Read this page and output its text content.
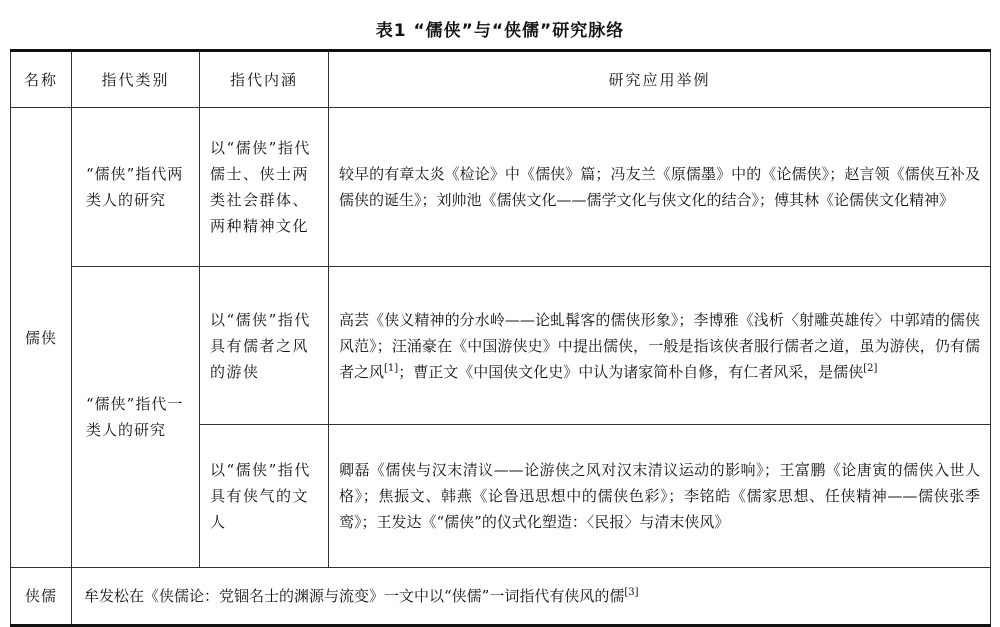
表1 “儒侠”与“侠儒”研究脉络
名称	指代类别	指代内涵	研究应用举例
儒侠	“儒侠”指代两类人的研究	以“儒侠”指代儒士、侠士两类社会群体、两种精神文化	较早的有章太炎《检论》中《儒侠》篇；冯友兰《原儒墨》中的《论儒侠》；赵言领《儒侠互补及儒侠的诞生》；刘帅池《儒侠文化——儒学文化与侠文化的结合》；傅其林《论儒侠文化精神》
	“儒侠”指代一类人的研究	以“儒侠”指代具有儒者之风的游侠	高芸《侠义精神的分水岭——论虬髯客的儒侠形象》；李博雅《浅析〈射雕英雄传〉中郭靖的儒侠风范》；汪涌豪在《中国游侠史》中提出儒侠，一般是指该侠者服行儒者之道，虽为游侠，仍有儒者之风[1]；曹正文《中国侠文化史》中认为诸家简朴自修，有仁者风采，是儒侠[2]
		以“儒侠”指代具有侠气的文人	卿磊《儒侠与汉末清议——论游侠之风对汉末清议运动的影响》；王富鹏《论唐寅的儒侠入世人格》；焦振文、韩燕《论鲁迅思想中的儒侠色彩》；李铭皓《儒家思想、任侠精神——儒侠张季鸾》；王发达《“儒侠”的仪式化塑造：〈民报〉与清末侠风》
侠儒	牟发松在《侠儒论：党锢名士的渊源与流变》一文中以“侠儒”一词指代有侠风的儒[3]
